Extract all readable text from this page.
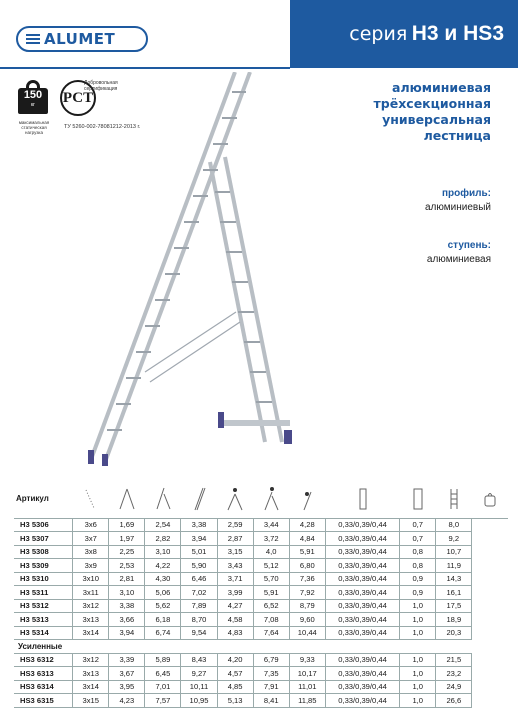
ALUMET	серия
H3 и HS3
150
кг
максимальная статическая нагрузка
РСТ
Добровольная сертификация
ТУ 5260-002-78081212-2013 г.
алюминиевая
трёхсекционная
универсальная
лестница
профиль:
алюминиевый
ступень:
алюминиевая
Артикул	

H3 5306	3x6	1,69	2,54	3,38	2,59	3,44	4,28	0,33/0,39/0,44	0,7	8,0	
H3 5307	3x7	1,97	2,82	3,94	2,87	3,72	4,84	0,33/0,39/0,44	0,7	9,2	
H3 5308	3x8	2,25	3,10	5,01	3,15	4,0	5,91	0,33/0,39/0,44	0,8	10,7	
H3 5309	3x9	2,53	4,22	5,90	3,43	5,12	6,80	0,33/0,39/0,44	0,8	11,9	
H3 5310	3x10	2,81	4,30	6,46	3,71	5,70	7,36	0,33/0,39/0,44	0,9	14,3	
H3 5311	3x11	3,10	5,06	7,02	3,99	5,91	7,92	0,33/0,39/0,44	0,9	16,1	
H3 5312	3x12	3,38	5,62	7,89	4,27	6,52	8,79	0,33/0,39/0,44	1,0	17,5	
H3 5313	3x13	3,66	6,18	8,70	4,58	7,08	9,60	0,33/0,39/0,44	1,0	18,9	
H3 5314	3x14	3,94	6,74	9,54	4,83	7,64	10,44	0,33/0,39/0,44	1,0	20,3	
Усиленные											
HS3 6312	3x12	3,39	5,89	8,43	4,20	6,79	9,33	0,33/0,39/0,44	1,0	21,5	
HS3 6313	3x13	3,67	6,45	9,27	4,57	7,35	10,17	0,33/0,39/0,44	1,0	23,2	
HS3 6314	3x14	3,95	7,01	10,11	4,85	7,91	11,01	0,33/0,39/0,44	1,0	24,9	
HS3 6315	3x15	4,23	7,57	10,95	5,13	8,41	11,85	0,33/0,39/0,44	1,0	26,6	
